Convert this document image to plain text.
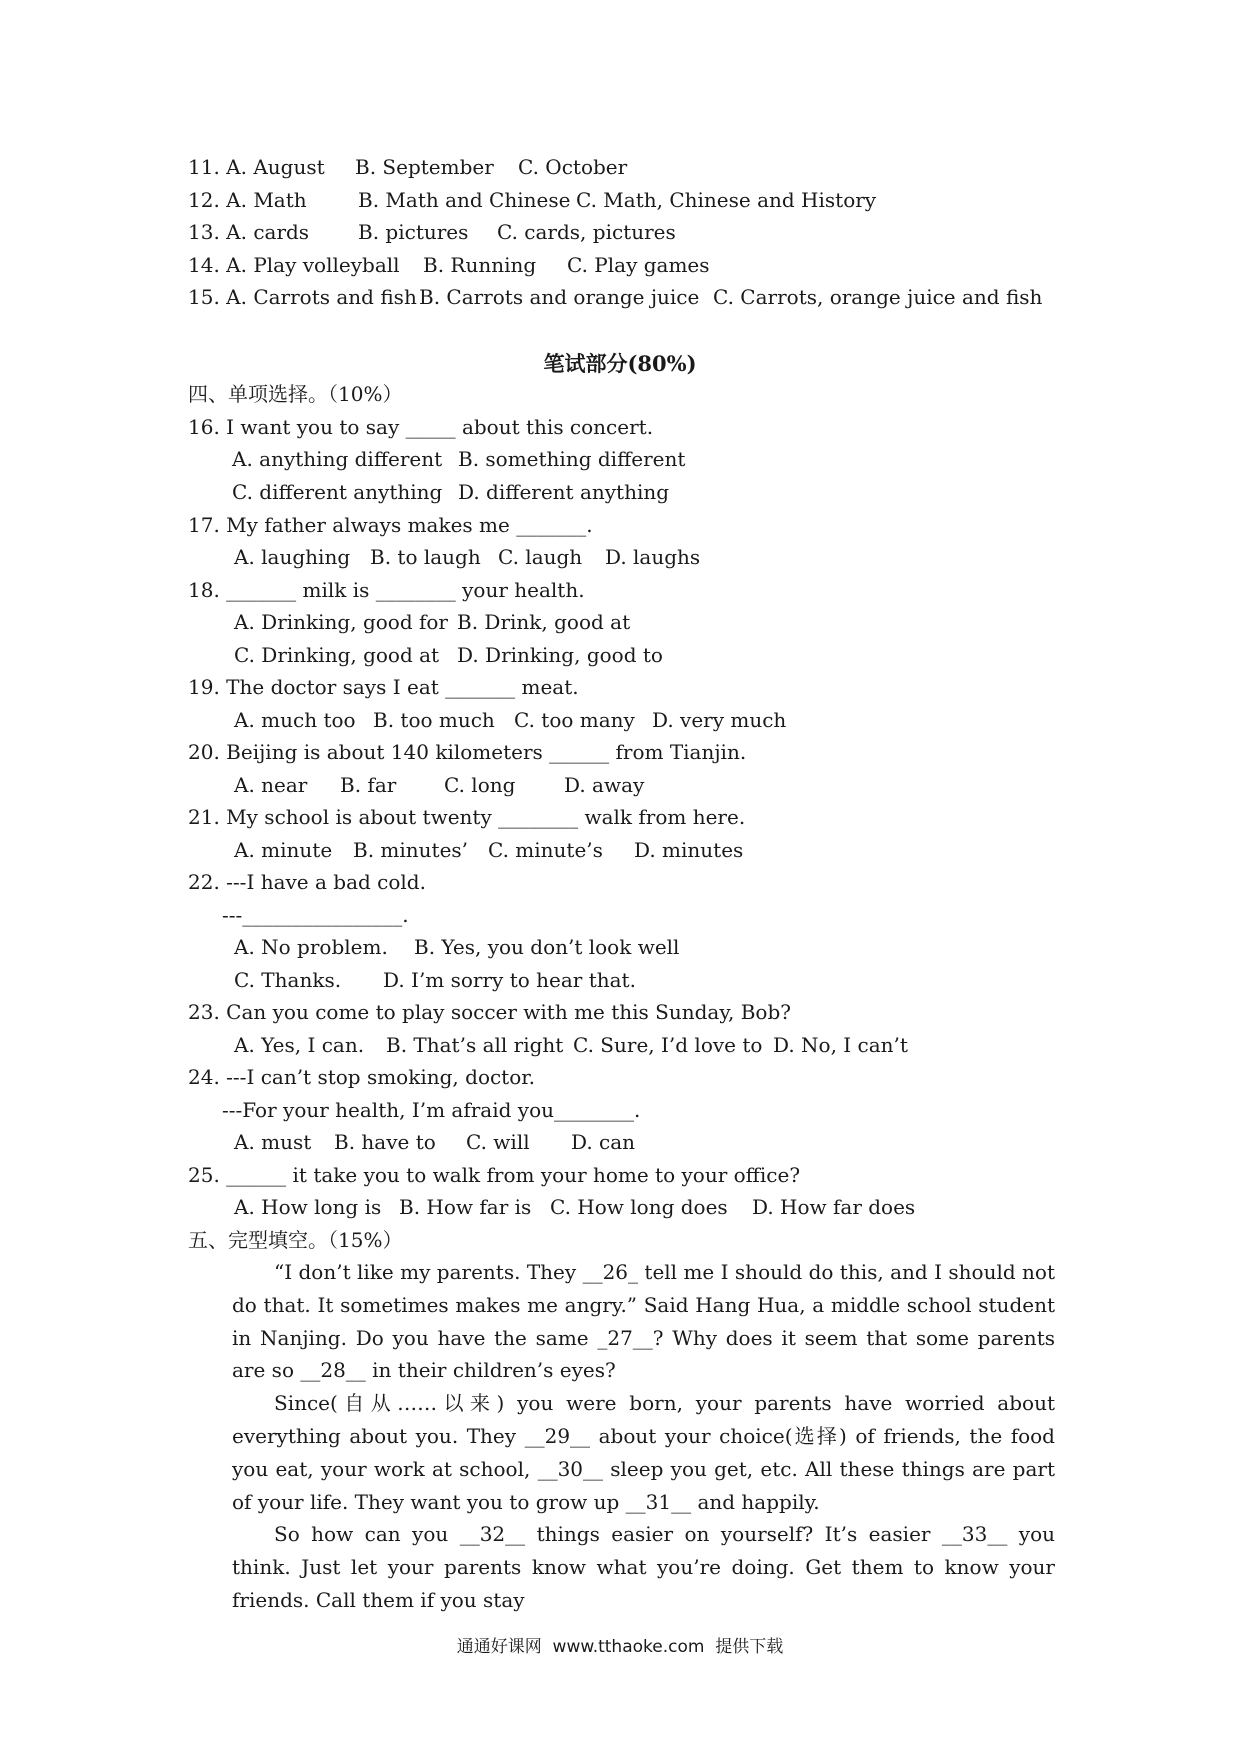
11. A. August B. September C. October
12. A. Math	B. Math and Chinese C. Math, Chinese and History
13. A. cards B. pictures C. cards, pictures
14. A. Play volleyball B. Running C. Play games
15. A. Carrots and fish B. Carrots and orange juice C. Carrots, orange juice and fish
笔试部分(80%)
四、单项选择。（10%）
16. I want you to say _____ about this concert.
A. anything different B. something different
C. different anything D. different anything
17. My father always makes me _______.
A. laughing B. to laugh C. laugh D. laughs
18. _______ milk is ________ your health.
A. Drinking, good for B. Drink, good at
C. Drinking, good at D. Drinking, good to
19. The doctor says I eat _______ meat.
A. much too B. too much C. too many D. very much
20. Beijing is about 140 kilometers ______ from Tianjin.
A. near B. far C. long D. away
21. My school is about twenty ________ walk from here.
A. minute B. minutes’ C. minute’s D. minutes
22. ---I have a bad cold.
---________________.
A. No problem. B. Yes, you don’t look well
C. Thanks. D. I’m sorry to hear that.
23. Can you come to play soccer with me this Sunday, Bob?
A. Yes, I can. B. That’s all right C. Sure, I’d love to D. No, I can’t
24. ---I can’t stop smoking, doctor.
---For your health, I’m afraid you________.
A. must B. have to C. will D. can
25. ______ it take you to walk from your home to your office?
A. How long is B. How far is C. How long does D. How far does
五、完型填空。（15%）

“I don’t like my parents. They __26_ tell me I should do this, and I should not do that. It sometimes makes me angry.” Said Hang Hua, a middle school student in Nanjing. Do you have the same _27__? Why does it seem that some parents are so __28__ in their children’s eyes?

Since(自从……以来) you were born, your parents have worried about everything about you. They __29__ about your choice(选择) of friends, the food you eat, your work at school, __30__ sleep you get, etc. All these things are part of your life. They want you to grow up __31__ and happily.

So how can you __32__ things easier on yourself? It’s easier __33__ you think. Just let your parents know what you’re doing. Get them to know your friends. Call them if you stay

通通好课网  www.tthaoke.com  提供下载
